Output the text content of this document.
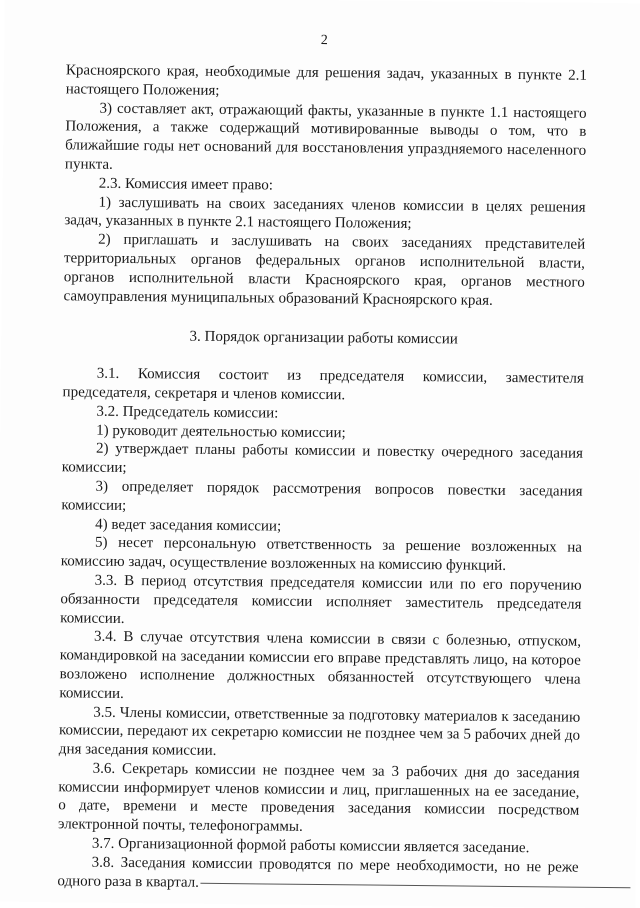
2

Красноярского края, необходимые для решения задач, указанных в пункте 2.1 настоящего Положения;

3) составляет акт, отражающий факты, указанные в пункте 1.1 настоящего Положения, а также содержащий мотивированные выводы о том, что в ближайшие годы нет оснований для восстановления упраздняемого населенного пункта.

2.3. Комиссия имеет право:

1) заслушивать на своих заседаниях членов комиссии в целях решения задач, указанных в пункте 2.1 настоящего Положения;

2) приглашать и заслушивать на своих заседаниях представителей территориальных органов федеральных органов исполнительной власти, органов исполнительной власти Красноярского края, органов местного самоуправления муниципальных образований Красноярского края.

3. Порядок организации работы комиссии

3.1. Комиссия состоит из председателя комиссии, заместителя председателя, секретаря и членов комиссии.

3.2. Председатель комиссии:

1) руководит деятельностью комиссии;

2) утверждает планы работы комиссии и повестку очередного заседания комиссии;

3) определяет порядок рассмотрения вопросов повестки заседания комиссии;

4) ведет заседания комиссии;

5) несет персональную ответственность за решение возложенных на комиссию задач, осуществление возложенных на комиссию функций.

3.3. В период отсутствия председателя комиссии или по его поручению обязанности председателя комиссии исполняет заместитель председателя комиссии.

3.4. В случае отсутствия члена комиссии в связи с болезнью, отпуском, командировкой на заседании комиссии его вправе представлять лицо, на которое возложено исполнение должностных обязанностей отсутствующего члена комиссии.

3.5. Члены комиссии, ответственные за подготовку материалов к заседанию комиссии, передают их секретарю комиссии не позднее чем за 5 рабочих дней до дня заседания комиссии.

3.6. Секретарь комиссии не позднее чем за 3 рабочих дня до заседания комиссии информирует членов комиссии и лиц, приглашенных на ее заседание, о дате, времени и месте проведения заседания комиссии посредством электронной почты, телефонограммы.

3.7. Организационной формой работы комиссии является заседание.

3.8. Заседания комиссии проводятся по мере необходимости, но не реже одного раза в квартал.
